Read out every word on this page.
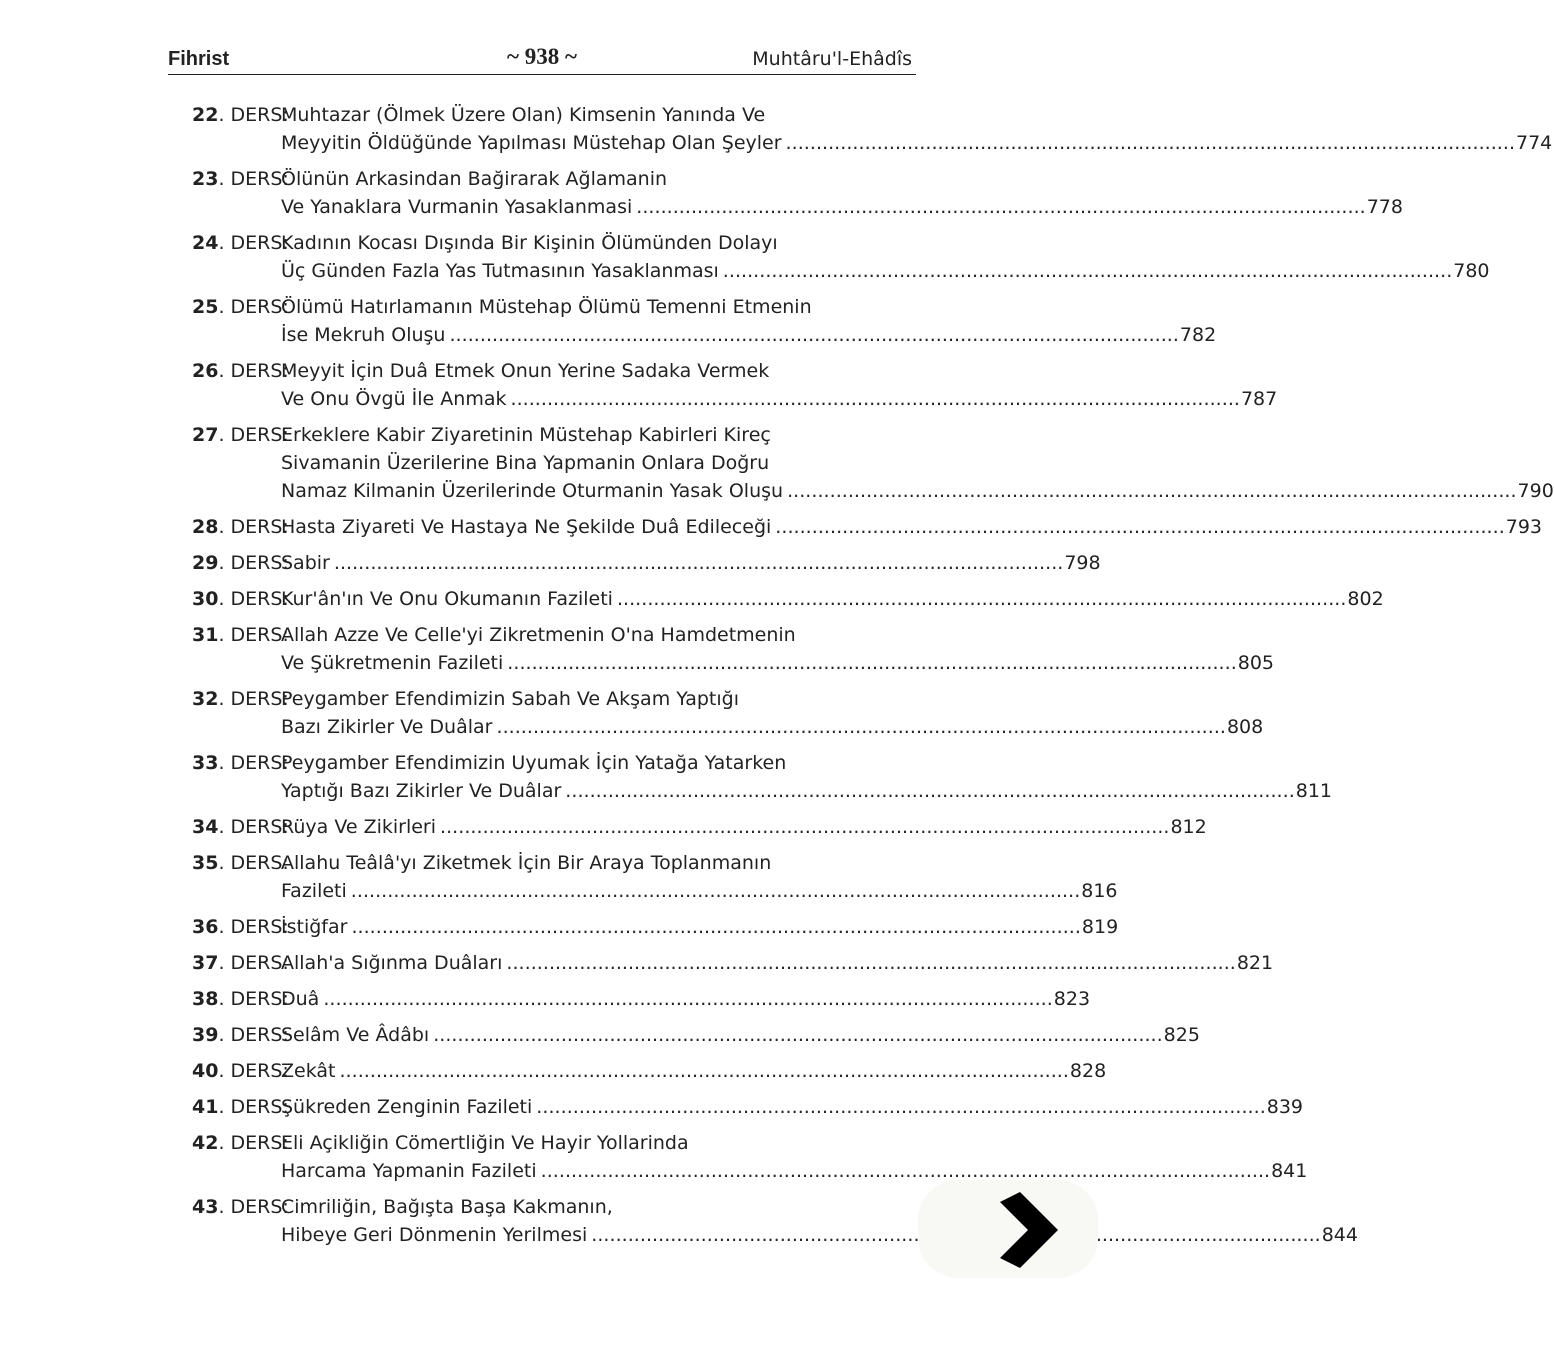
Fihrist	~ 938 ~	Muhtâru'l-Ehâdîs
22. DERS:
Muhtazar (Ölmek Üzere Olan) Kimsenin Yanında Ve
Meyyitin Öldüğünde Yapılması Müstehap Olan Şeyler . . .	774
23. DERS:
Ölünün Arkasindan Bağirarak Ağlamanin
Ve Yanaklara Vurmanin Yasaklanmasi . . .	778
24. DERS:
Kadının Kocası Dışında Bir Kişinin Ölümünden Dolayı
Üç Günden Fazla Yas Tutmasının Yasaklanması . . .	780
25. DERS:
Ölümü Hatırlamanın Müstehap Ölümü Temenni Etmenin
İse Mekruh Oluşu . . .	782
26. DERS:
Meyyit İçin Duâ Etmek Onun Yerine Sadaka Vermek
Ve Onu Övgü İle Anmak . . .	787
27. DERS:
Erkeklere Kabir Ziyaretinin Müstehap Kabirleri Kireç
Sivamanin Üzerilerine Bina Yapmanin Onlara Doğru
Namaz Kilmanin Üzerilerinde Oturmanin Yasak Oluşu . . .	790
28. DERS:
Hasta Ziyareti Ve Hastaya Ne Şekilde Duâ Edileceği . . .	793
29. DERS:
Sabir . . .	798
30. DERS:
Kur'ân'ın Ve Onu Okumanın Fazileti . . .	802
31. DERS:
Allah Azze Ve Celle'yi Zikretmenin O'na Hamdetmenin
Ve Şükretmenin Fazileti . . .	805
32. DERS:
Peygamber Efendimizin Sabah Ve Akşam Yaptığı
Bazı Zikirler Ve Duâlar . . .	808
33. DERS:
Peygamber Efendimizin Uyumak İçin Yatağa Yatarken
Yaptığı Bazı Zikirler Ve Duâlar . . .	811
34. DERS:
Rüya Ve Zikirleri . . .	812
35. DERS:
Allahu Teâlâ'yı Ziketmek İçin Bir Araya Toplanmanın
Fazileti . . .	816
36. DERS:
İstiğfar . . .	819
37. DERS:
Allah'a Sığınma Duâları . . .	821
38. DERS:
Duâ . . .	823
39. DERS:
Selâm Ve Âdâbı . . .	825
40. DERS:
Zekât . . .	828
41. DERS:
Şükreden Zenginin Fazileti . . .	839
42. DERS:
Eli Açikliğin Cömertliğin Ve Hayir Yollarinda
Harcama Yapmanin Fazileti . . .	841
43. DERS:
Cimriliğin, Bağışta Başa Kakmanın,
Hibeye Geri Dönmenin Yerilmesi . . .	844
